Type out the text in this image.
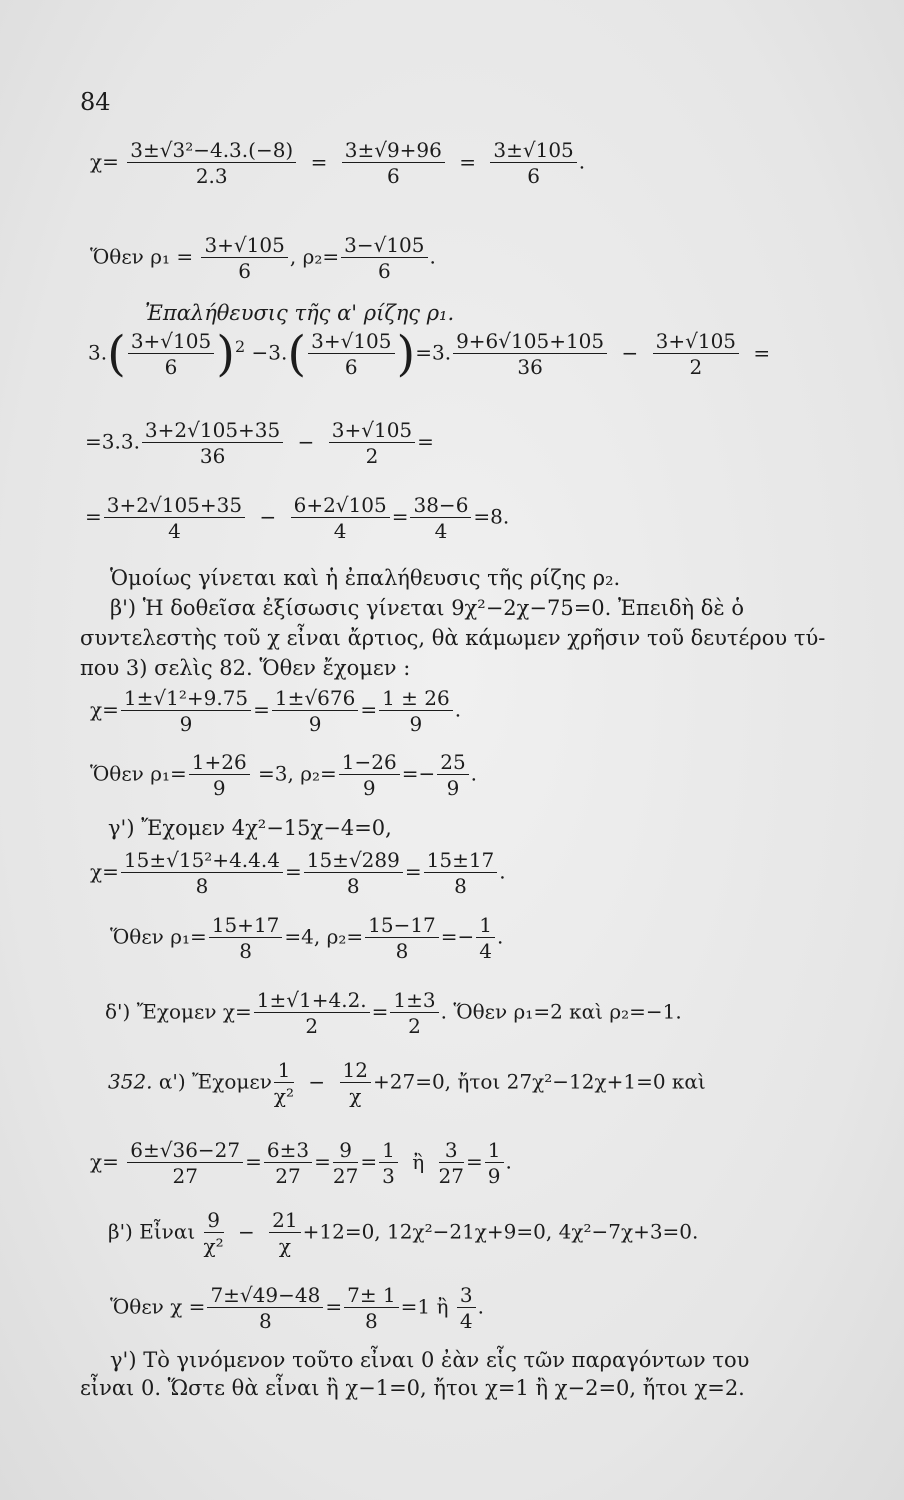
84
$\chi= \frac{\text{3±√3²−4.3.(−8)}}{2.3} = \frac{3\pm√9+96}{6} = \frac{3\pm√105}{6}$ .
Ὅθεν $\rho_1 = \frac{3+√105}{6}$ , $\rho_2= \frac{3-√105}{6}$ .
Ἐπαλήθευσις τῆς α' ρίζης ρ₁.
$3.( \frac{3+√105}{6} )^2 -3.( \frac{3+√105}{6} )=3$. $\frac{9+6√105+105}{36} - \frac{3+√105}{2}$ =
=3.3. $\frac{3+2√105+35}{36} - \frac{3+√105}{2}$ =
= $\frac{3+2√105+35}{4} - \frac{6+2√105}{4} = \frac{38-6}{4} =8$.
Ὁμοίως γίνεται καὶ ἡ ἐπαλήθευσις τῆς ρίζης ρ₂.
β') Ἡ δοθεῖσα ἐξίσωσις γίνεται 9χ²−2χ−75=0. Ἐπειδὴ δὲ ὁ
συντελεστὴς τοῦ χ εἶναι ἄρτιος, θὰ κάμωμεν χρῆσιν τοῦ δευτέρου τύ-
που 3) σελὶς 82. Ὅθεν ἔχομεν :
$\chi= \frac{\text{1±√1²+9.75}}{9} = \frac{1\pm√676}{9} = \frac{1 \pm 26}{9}$ .
Ὅθεν $\rho_1= \frac{1+26}{9} =3$, $\rho_2= \frac{1-26}{9} =- \frac{25}{9}$ .
γ') Ἔχομεν 4χ²−15χ−4=0,
$\chi= \frac{\text{15±√15²+4.4.4}}{8} = \frac{15\pm√289}{8} = \frac{15\pm 17}{8}$ .
Ὅθεν $\rho_1= \frac{15+17}{8} =4$, $\rho_2= \frac{15-17}{8} =- \frac{1}{4}$ .
δ') Ἔχομεν $\chi= \frac{1\pm√1+4.2.}{2} = \frac{1\pm 3}{2}$ . Ὅθεν ρ₁=2 καὶ ρ₂=−1.
352. α') Ἔχομεν $\frac{1}{\text{χ²}} - \frac{12}{\chi} +27=0$, ἤτοι 27χ²−12χ+1=0 καὶ
$\chi= \frac{6\pm√36-27}{27} = \frac{6\pm 3}{27} = \frac{9}{27} = \frac{1}{3}$ ἢ $\frac{3}{27} = \frac{1}{9}$ .
β') Εἶναι $\frac{9}{\text{χ²}} - \frac{21}{\chi} +12=0$, 12χ²−21χ+9=0, 4χ²−7χ+3=0.
Ὅθεν $\chi = \frac{7\pm√49-48}{8} = \frac{7\pm 1}{8} =1$ ἢ $\frac{3}{4}$ .
γ') Τὸ γινόμενον τοῦτο εἶναι 0 ἐὰν εἷς τῶν παραγόντων του
εἶναι 0. Ὥστε θὰ εἶναι ἢ χ−1=0, ἤτοι χ=1 ἢ χ−2=0, ἤτοι χ=2.
